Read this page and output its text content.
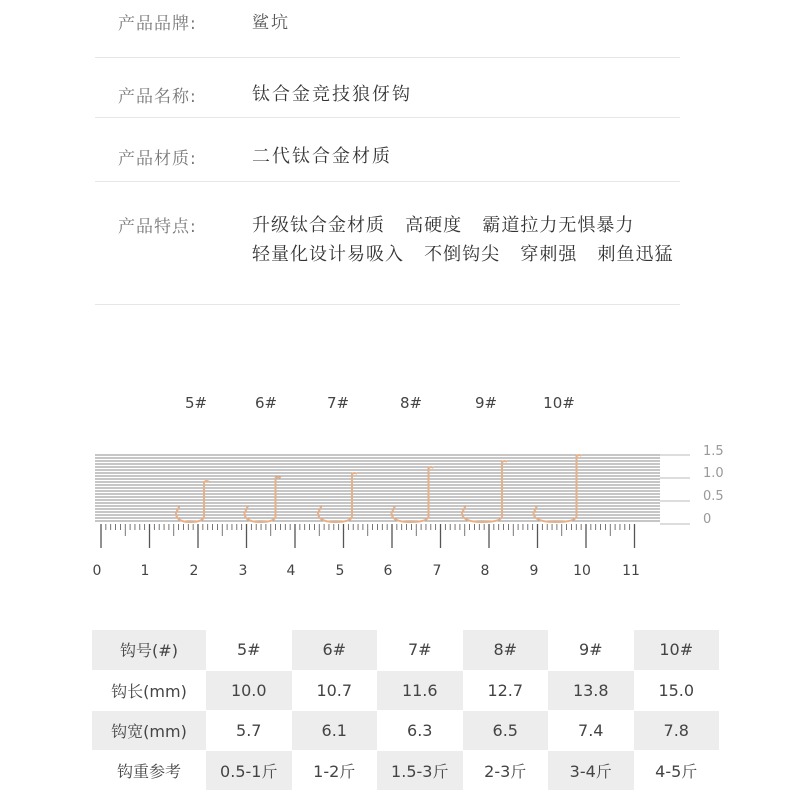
产品品牌:	鲨坑
产品名称:	钛合金竞技狼伢钩
产品材质:	二代钛合金材质
产品特点:	升级钛合金材质   高硬度   霸道拉力无惧暴力
轻量化设计易吸入   不倒钩尖   穿刺强   刺鱼迅猛
5#	6#	7#	8#	9#	10#
1.5
1.0
0.5
0
0	1	2	3	4	5	6	7	8	9 10 11
钩号(#)	5#	6#	7#	8#	9#	10#
钩长(mm)	10.0	10.7	11.6	12.7	13.8	15.0
钩宽(mm)	5.7	6.1	6.3	6.5	7.4	7.8
钩重参考	0.5-1斤	1-2斤	1.5-3斤	2-3斤	3-4斤	4-5斤
